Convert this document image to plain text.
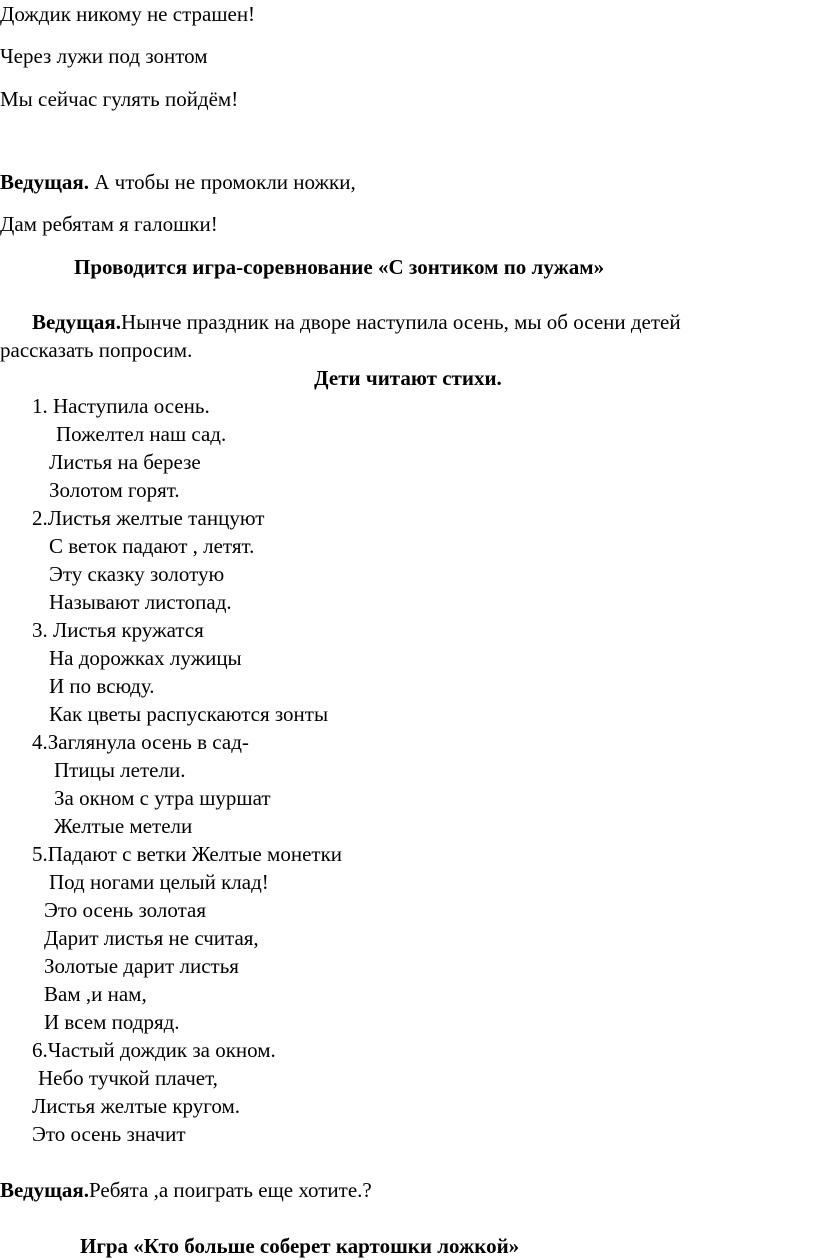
Дождик никому не страшен!
Через лужи под зонтом
Мы сейчас гулять пойдём!
Ведущая. А чтобы не промокли ножки,
Дам ребятам я галошки!
Проводится игра-соревнование «С зонтиком по лужам»
Ведущая.Нынче праздник на дворе наступила осень, мы об осени детей
рассказать попросим.
Дети читают стихи.
1. Наступила осень.
Пожелтел наш сад.
Листья на березе
Золотом горят.
2.Листья желтые танцуют
С веток падают , летят.
Эту сказку золотую
Называют листопад.
3. Листья кружатся
На дорожках лужицы
И по всюду.
Как цветы распускаются зонты
4.Заглянула осень в сад-
Птицы летели.
За окном с утра шуршат
Желтые метели
5.Падают с ветки Желтые монетки
Под ногами целый клад!
Это осень золотая
Дарит листья не считая,
Золотые дарит листья
Вам ,и нам,
И всем подряд.
6.Частый дождик за окном.
Небо тучкой плачет,
Листья желтые кругом.
Это осень значит
Ведущая.Ребята ,а поиграть еще хотите.?
Игра «Кто больше соберет картошки ложкой»
